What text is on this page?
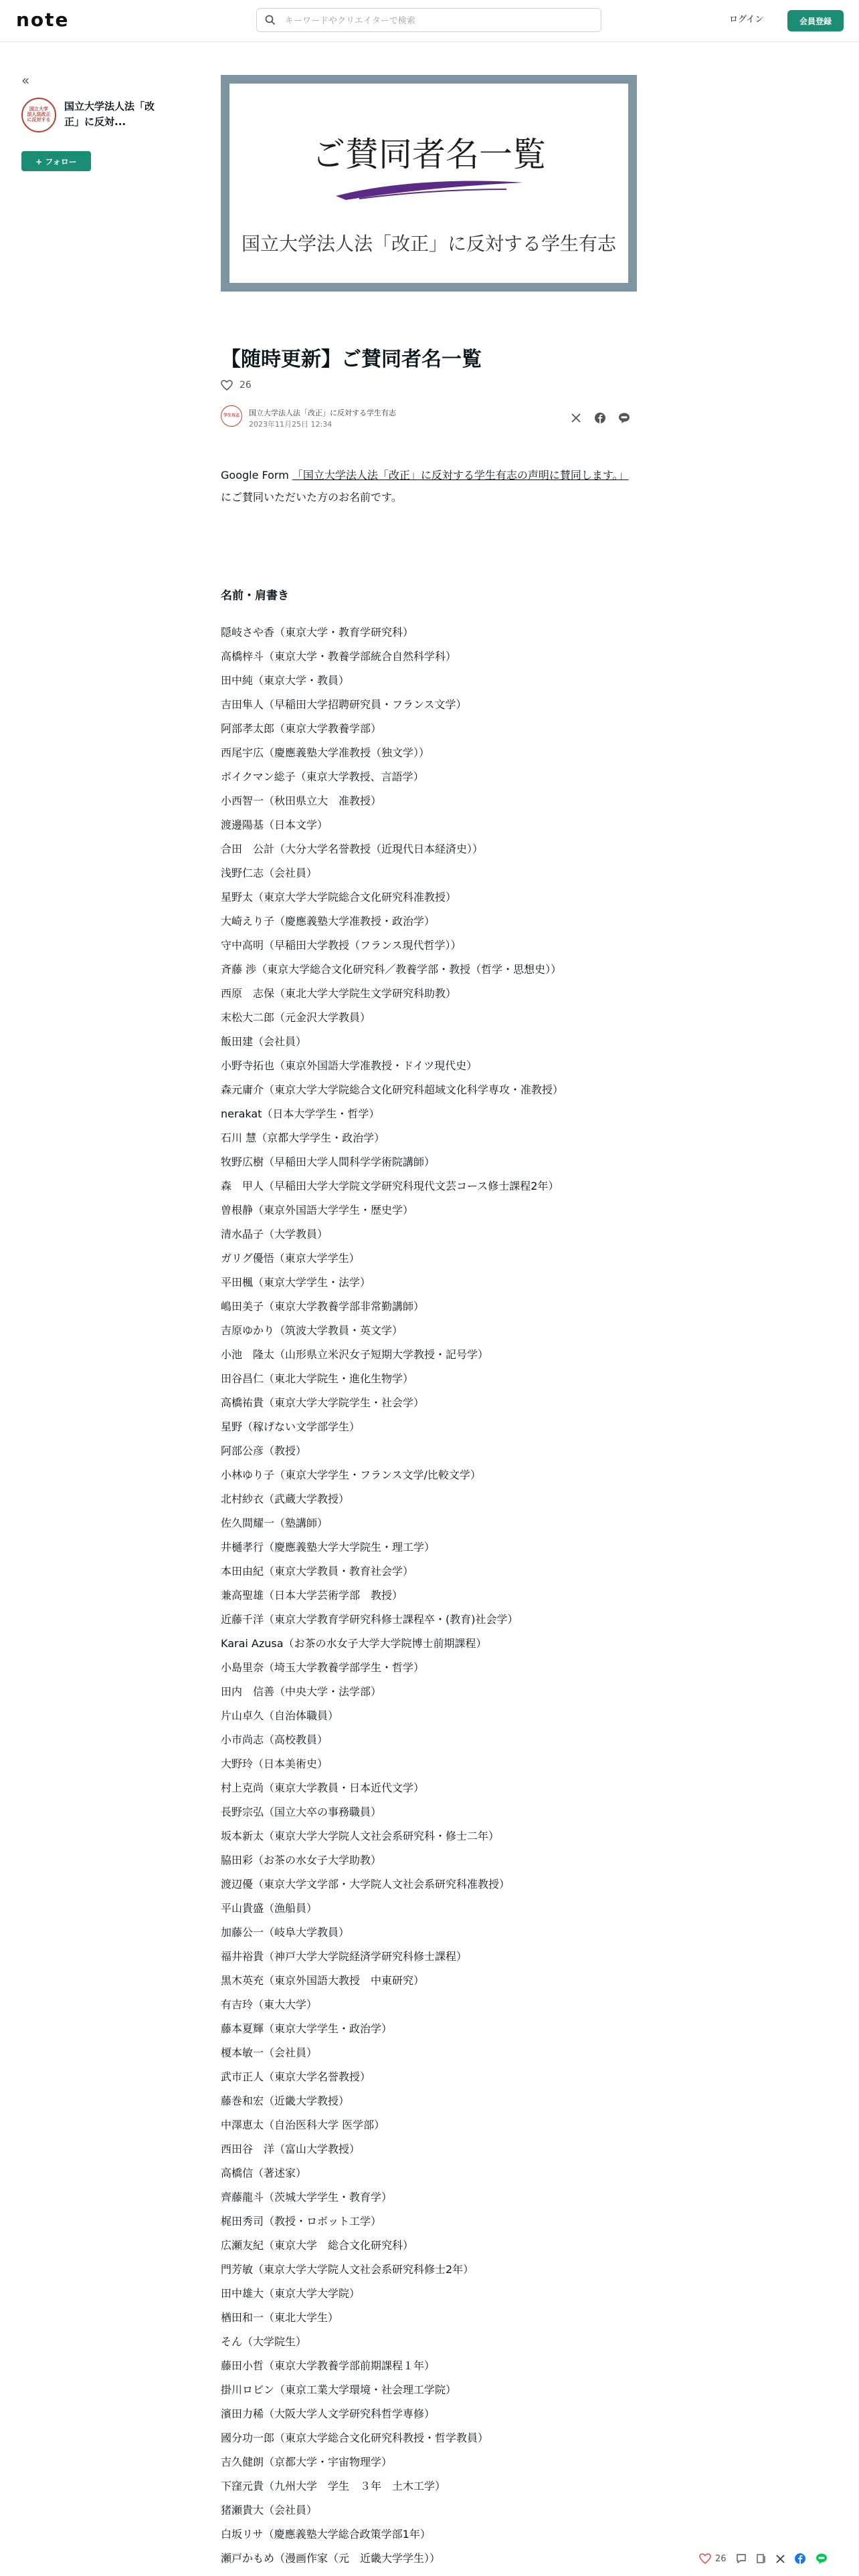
note
キーワードやクリエイターで検索	ログイン	会員登録
«
国立大学
法人法改正
に反対する
国立大学法人法「改正」に反対...
+ フォロー	ご賛同者名一覧
国立大学法人法「改正」に反対する学生有志
【随時更新】ご賛同者名一覧
26
学生有志	国立大学法人法「改正」に反対する学生有志
2023年11月25日 12:34
Google Form 「国立大学法人法「改正」に反対する学生有志の声明に賛同します。」 にご賛同いただいた方のお名前です。
名前・肩書き
隠岐さや香（東京大学・教育学研究科）
高橋梓斗（東京大学・教養学部統合自然科学科）
田中純（東京大学・教員）
吉田隼人（早稲田大学招聘研究員・フランス文学）
阿部孝太郎（東京大学教養学部）
西尾宇広（慶應義塾大学准教授（独文学））
ボイクマン総子（東京大学教授、言語学）
小西智一（秋田県立大　准教授）
渡邊陽基（日本文学）
合田　公計（大分大学名誉教授（近現代日本経済史））
浅野仁志（会社員）
星野太（東京大学大学院総合文化研究科准教授）
大崎えり子（慶應義塾大学准教授・政治学）
守中高明（早稲田大学教授（フランス現代哲学））
斉藤 渉（東京大学総合文化研究科／教養学部・教授（哲学・思想史））
西原　志保（東北大学大学院生文学研究科助教）
末松大二郎（元金沢大学教員）
飯田建（会社員）
小野寺拓也（東京外国語大学准教授・ドイツ現代史）
森元庸介（東京大学大学院総合文化研究科超域文化科学専攻・准教授）
nerakat（日本大学学生・哲学）
石川 慧（京都大学学生・政治学）
牧野広樹（早稲田大学人間科学学術院講師）
森　甲人（早稲田大学大学院文学研究科現代文芸コース修士課程2年）
曽根静（東京外国語大学学生・歴史学）
清水晶子（大学教員）
ガリグ優悟（東京大学学生）
平田楓（東京大学学生・法学）
嶋田美子（東京大学教養学部非常勤講師）
吉原ゆかり（筑波大学教員・英文学）
小池　隆太（山形県立米沢女子短期大学教授・記号学）
田谷昌仁（東北大学院生・進化生物学）
高橋祐貴（東京大学大学院学生・社会学）
星野（稼げない文学部学生）
阿部公彦（教授）
小林ゆり子（東京大学学生・フランス文学/比較文学）
北村紗衣（武蔵大学教授）
佐久間耀一（塾講師）
井樋孝行（慶應義塾大学大学院生・理工学）
本田由紀（東京大学教員・教育社会学）
兼高聖雄（日本大学芸術学部　教授）
近藤千洋（東京大学教育学研究科修士課程卒・(教育)社会学）
Karai Azusa（お茶の水女子大学大学院博士前期課程）
小島里奈（埼玉大学教養学部学生・哲学）
田内　信善（中央大学・法学部）
片山卓久（自治体職員）
小市尚志（高校教員）
大野玲（日本美術史）
村上克尚（東京大学教員・日本近代文学）
長野宗弘（国立大卒の事務職員）
坂本新太（東京大学大学院人文社会系研究科・修士二年）
脇田彩（お茶の水女子大学助教）
渡辺優（東京大学文学部・大学院人文社会系研究科准教授）
平山貴盛（漁船員）
加藤公一（岐阜大学教員）
福井裕貴（神戸大学大学院経済学研究科修士課程）
黒木英充（東京外国語大教授　中東研究）
有吉玲（東大大学）
藤本夏輝（東京大学学生・政治学）
榎本敏一（会社員）
武市正人（東京大学名誉教授）
藤巻和宏（近畿大学教授）
中澤恵太（自治医科大学 医学部）
西田谷　洋（富山大学教授）
高橋信（著述家）
齊藤龍斗（茨城大学学生・教育学）
梶田秀司（教授・ロボット工学）
広瀬友紀（東京大学　総合文化研究科）
門芳敏（東京大学大学院人文社会系研究科修士2年）
田中雄大（東京大学大学院）
楢田和一（東北大学生）
そん（大学院生）
藤田小哲（東京大学教養学部前期課程１年）
掛川ロビン（東京工業大学環境・社会理工学院）
濱田力稀（大阪大学人文学研究科哲学専修）
國分功一郎（東京大学総合文化研究科教授・哲学教員）
吉久健朗（京都大学・宇宙物理学）
下窪元貴（九州大学　学生　３年　土木工学）
猪瀬貴大（会社員）
白坂リサ（慶應義塾大学総合政策学部1年）
瀬戸かもめ（漫画作家（元　近畿大学学生））	26
